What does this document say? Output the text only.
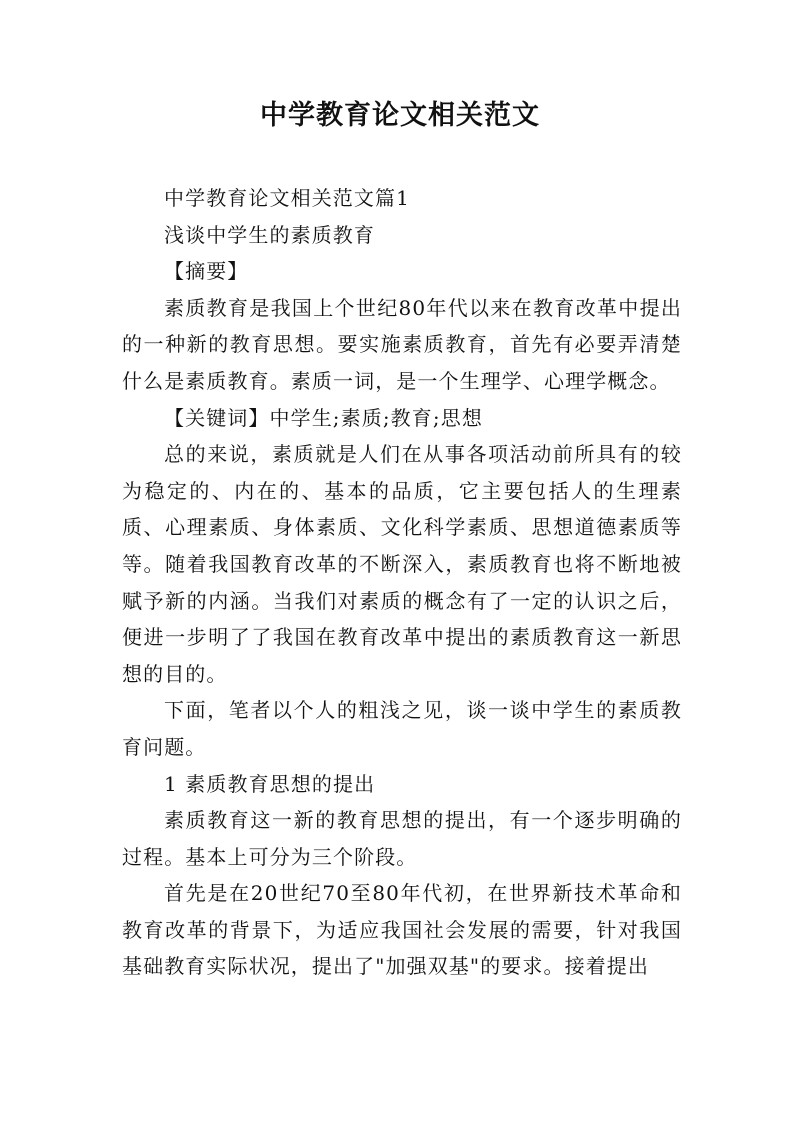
中学教育论文相关范文

中学教育论文相关范文篇1

浅谈中学生的素质教育

【摘要】

素质教育是我国上个世纪80年代以来在教育改革中提出的一种新的教育思想。要实施素质教育，首先有必要弄清楚什么是素质教育。素质一词，是一个生理学、心理学概念。

【关键词】中学生;素质;教育;思想

总的来说，素质就是人们在从事各项活动前所具有的较为稳定的、内在的、基本的品质，它主要包括人的生理素质、心理素质、身体素质、文化科学素质、思想道德素质等等。随着我国教育改革的不断深入，素质教育也将不断地被赋予新的内涵。当我们对素质的概念有了一定的认识之后，便进一步明了了我国在教育改革中提出的素质教育这一新思想的目的。

下面，笔者以个人的粗浅之见，谈一谈中学生的素质教育问题。

1 素质教育思想的提出

素质教育这一新的教育思想的提出，有一个逐步明确的过程。基本上可分为三个阶段。

首先是在20世纪70至80年代初，在世界新技术革命和教育改革的背景下，为适应我国社会发展的需要，针对我国基础教育实际状况，提出了"加强双基"的要求。接着提出
